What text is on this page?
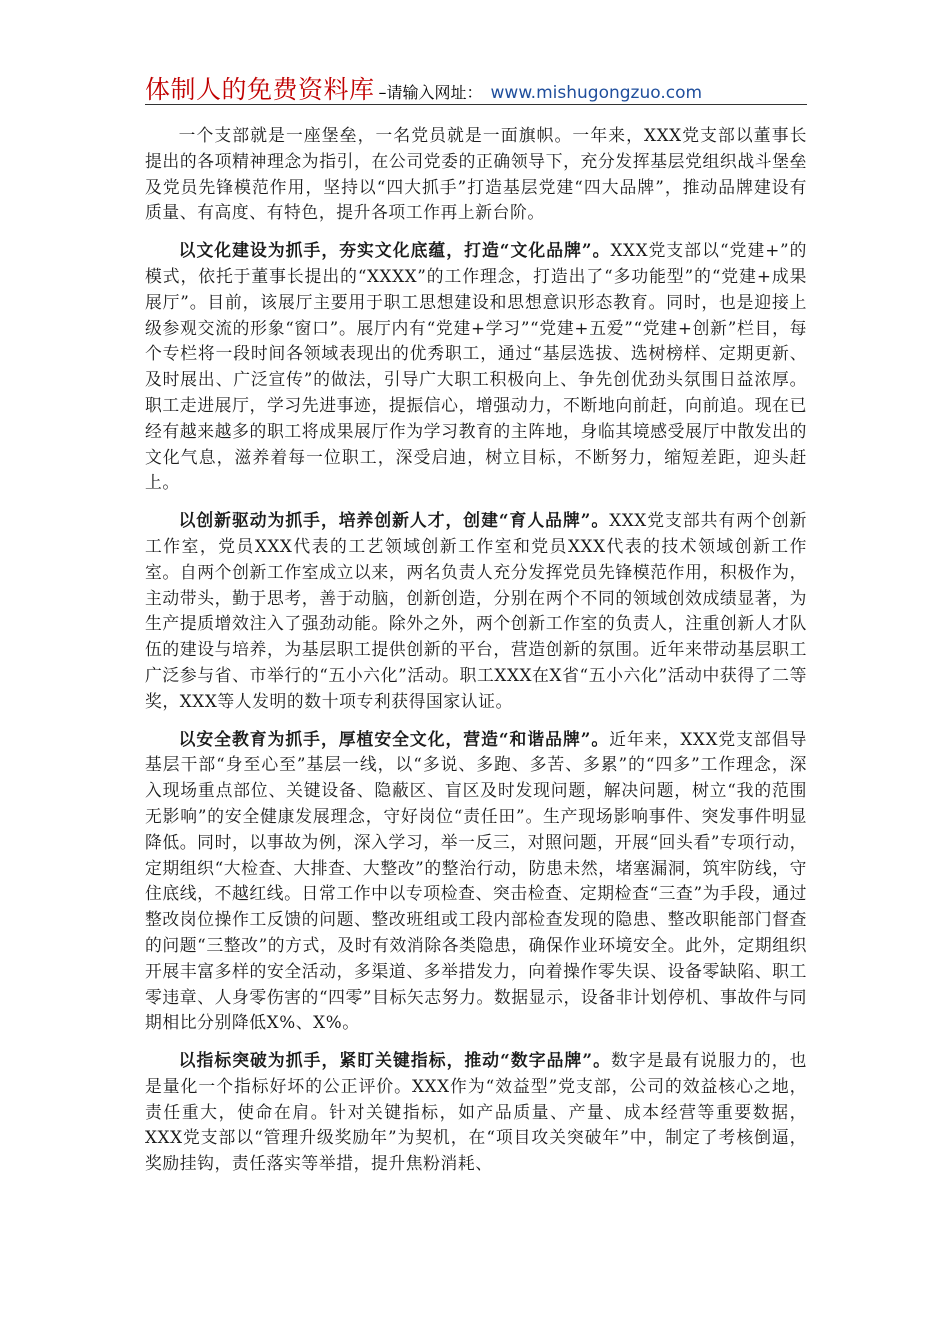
体制人的免费资料库 –请输入网址： www.mishugongzuo.com

一个支部就是一座堡垒，一名党员就是一面旗帜。一年来，XXX党支部以董事长提出的各项精神理念为指引，在公司党委的正确领导下，充分发挥基层党组织战斗堡垒及党员先锋模范作用，坚持以“四大抓手”打造基层党建“四大品牌”，推动品牌建设有质量、有高度、有特色，提升各项工作再上新台阶。

以文化建设为抓手，夯实文化底蕴，打造“文化品牌”。XXX党支部以“党建+”的模式，依托于董事长提出的“XXXX”的工作理念，打造出了“多功能型”的“党建+成果展厅”。目前，该展厅主要用于职工思想建设和思想意识形态教育。同时，也是迎接上级参观交流的形象“窗口”。展厅内有“党建+学习”“党建+五爱”“党建+创新”栏目，每个专栏将一段时间各领域表现出的优秀职工，通过“基层选拔、选树榜样、定期更新、及时展出、广泛宣传”的做法，引导广大职工积极向上、争先创优劲头氛围日益浓厚。职工走进展厅，学习先进事迹，提振信心，增强动力，不断地向前赶，向前追。现在已经有越来越多的职工将成果展厅作为学习教育的主阵地，身临其境感受展厅中散发出的文化气息，滋养着每一位职工，深受启迪，树立目标，不断努力，缩短差距，迎头赶上。

以创新驱动为抓手，培养创新人才，创建“育人品牌”。XXX党支部共有两个创新工作室，党员XXX代表的工艺领域创新工作室和党员XXX代表的技术领域创新工作室。自两个创新工作室成立以来，两名负责人充分发挥党员先锋模范作用，积极作为，主动带头，勤于思考，善于动脑，创新创造，分别在两个不同的领域创效成绩显著，为生产提质增效注入了强劲动能。除外之外，两个创新工作室的负责人，注重创新人才队伍的建设与培养，为基层职工提供创新的平台，营造创新的氛围。近年来带动基层职工广泛参与省、市举行的“五小六化”活动。职工XXX在X省“五小六化”活动中获得了二等奖，XXX等人发明的数十项专利获得国家认证。

以安全教育为抓手，厚植安全文化，营造“和谐品牌”。近年来，XXX党支部倡导基层干部“身至心至”基层一线，以“多说、多跑、多苦、多累”的“四多”工作理念，深入现场重点部位、关键设备、隐蔽区、盲区及时发现问题，解决问题，树立“我的范围无影响”的安全健康发展理念，守好岗位“责任田”。生产现场影响事件、突发事件明显降低。同时，以事故为例，深入学习，举一反三，对照问题，开展“回头看”专项行动，定期组织“大检查、大排查、大整改”的整治行动，防患未然，堵塞漏洞，筑牢防线，守住底线，不越红线。日常工作中以专项检查、突击检查、定期检查“三查”为手段，通过整改岗位操作工反馈的问题、整改班组或工段内部检查发现的隐患、整改职能部门督查的问题“三整改”的方式，及时有效消除各类隐患，确保作业环境安全。此外，定期组织开展丰富多样的安全活动，多渠道、多举措发力，向着操作零失误、设备零缺陷、职工零违章、人身零伤害的“四零”目标矢志努力。数据显示，设备非计划停机、事故件与同期相比分别降低X%、X%。

以指标突破为抓手，紧盯关键指标，推动“数字品牌”。数字是最有说服力的，也是量化一个指标好坏的公正评价。XXX作为“效益型”党支部，公司的效益核心之地，责任重大，使命在肩。针对关键指标，如产品质量、产量、成本经营等重要数据，XXX党支部以“管理升级奖励年”为契机，在“项目攻关突破年”中，制定了考核倒逼，奖励挂钩，责任落实等举措，提升焦粉消耗、
